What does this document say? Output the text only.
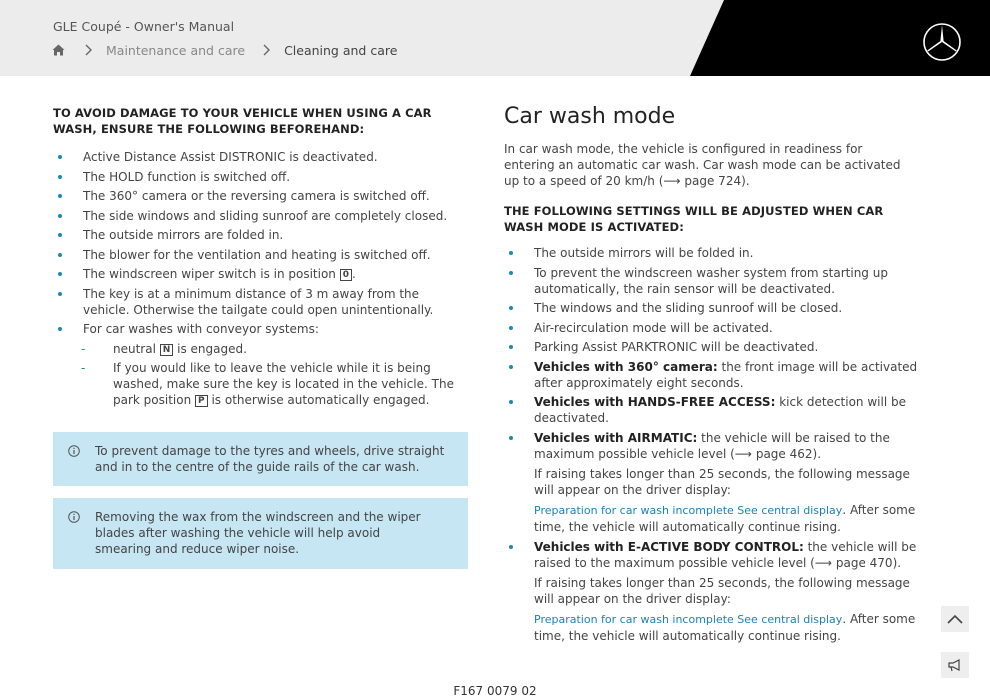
GLE Coupé - Owner's Manual
Maintenance and care	Cleaning and care
TO AVOID DAMAGE TO YOUR VEHICLE WHEN USING A CAR WASH, ENSURE THE FOLLOWING BEFOREHAND:
Active Distance Assist DISTRONIC is deactivated.
The HOLD function is switched off.
The 360° camera or the reversing camera is switched off.
The side windows and sliding sunroof are completely closed.
The outside mirrors are folded in.
The blower for the ventilation and heating is switched off.
The windscreen wiper switch is in position 0 .
The key is at a minimum distance of 3 m away from the vehicle. Otherwise the tailgate could open unintentionally.
For car washes with conveyor systems:
- neutral N is engaged.
- If you would like to leave the vehicle while it is being washed, make sure the key is located in the vehicle. The park position P is otherwise automatically engaged.
To prevent damage to the tyres and wheels, drive straight and in to the centre of the guide rails of the car wash.
Removing the wax from the windscreen and the wiper blades after washing the vehicle will help avoid smearing and reduce wiper noise.
Car wash mode
In car wash mode, the vehicle is configured in readiness for entering an automatic car wash. Car wash mode can be activated up to a speed of 20 km/h (⟶ page 724).
THE FOLLOWING SETTINGS WILL BE ADJUSTED WHEN CAR WASH MODE IS ACTIVATED:
The outside mirrors will be folded in.
To prevent the windscreen washer system from starting up automatically, the rain sensor will be deactivated.
The windows and the sliding sunroof will be closed.
Air-recirculation mode will be activated.
Parking Assist PARKTRONIC will be deactivated.
Vehicles with 360° camera: the front image will be activated after approximately eight seconds.
Vehicles with HANDS-FREE ACCESS: kick detection will be deactivated.
Vehicles with AIRMATIC: the vehicle will be raised to the maximum possible vehicle level (⟶ page 462).
If raising takes longer than 25 seconds, the following message will appear on the driver display:
Preparation for car wash incomplete See central display. After some time, the vehicle will automatically continue rising.
Vehicles with E-ACTIVE BODY CONTROL: the vehicle will be raised to the maximum possible vehicle level (⟶ page 470).
If raising takes longer than 25 seconds, the following message will appear on the driver display:
Preparation for car wash incomplete See central display. After some time, the vehicle will automatically continue rising.
F167 0079 02
